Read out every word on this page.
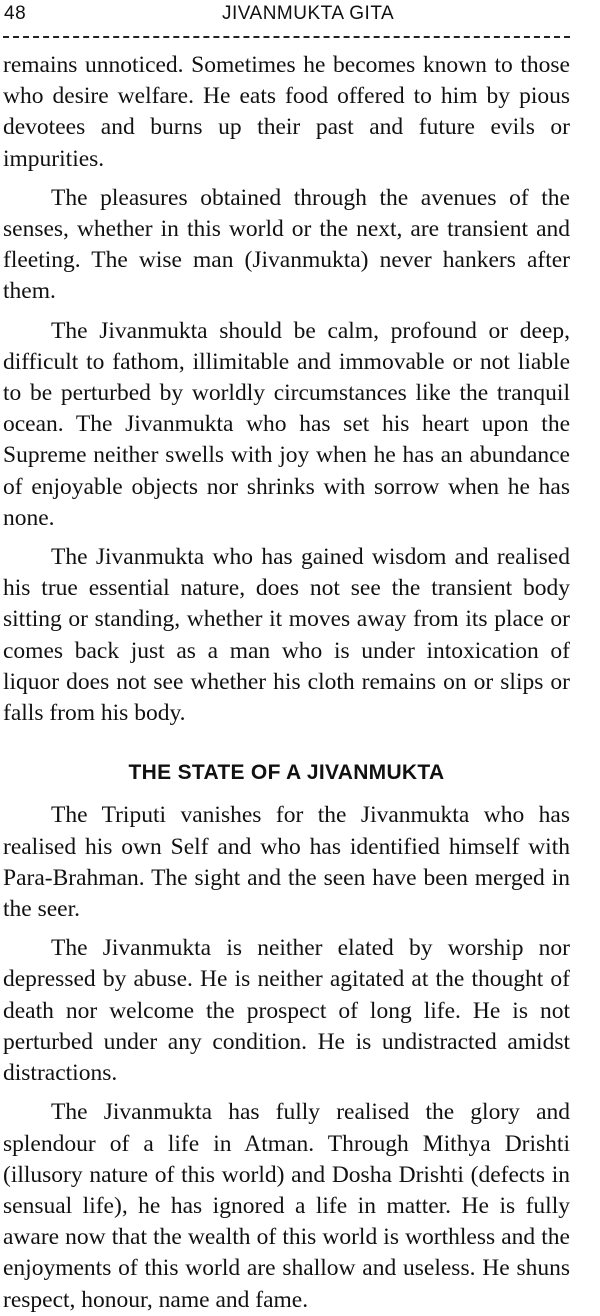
48	JIVANMUKTA GITA

remains unnoticed. Sometimes he becomes known to those who desire welfare. He eats food offered to him by pious devotees and burns up their past and future evils or impurities.

The pleasures obtained through the avenues of the senses, whether in this world or the next, are transient and fleeting. The wise man (Jivanmukta) never hankers after them.

The Jivanmukta should be calm, profound or deep, difficult to fathom, illimitable and immovable or not liable to be perturbed by worldly circumstances like the tranquil ocean. The Jivanmukta who has set his heart upon the Supreme neither swells with joy when he has an abundance of enjoyable objects nor shrinks with sorrow when he has none.

The Jivanmukta who has gained wisdom and realised his true essential nature, does not see the transient body sitting or standing, whether it moves away from its place or comes back just as a man who is under intoxication of liquor does not see whether his cloth remains on or slips or falls from his body.

THE STATE OF A JIVANMUKTA

The Triputi vanishes for the Jivanmukta who has realised his own Self and who has identified himself with Para-Brahman. The sight and the seen have been merged in the seer.

The Jivanmukta is neither elated by worship nor depressed by abuse. He is neither agitated at the thought of death nor welcome the prospect of long life. He is not perturbed under any condition. He is undistracted amidst distractions.

The Jivanmukta has fully realised the glory and splendour of a life in Atman. Through Mithya Drishti (illusory nature of this world) and Dosha Drishti (defects in sensual life), he has ignored a life in matter. He is fully aware now that the wealth of this world is worthless and the enjoyments of this world are shallow and useless. He shuns respect, honour, name and fame.
